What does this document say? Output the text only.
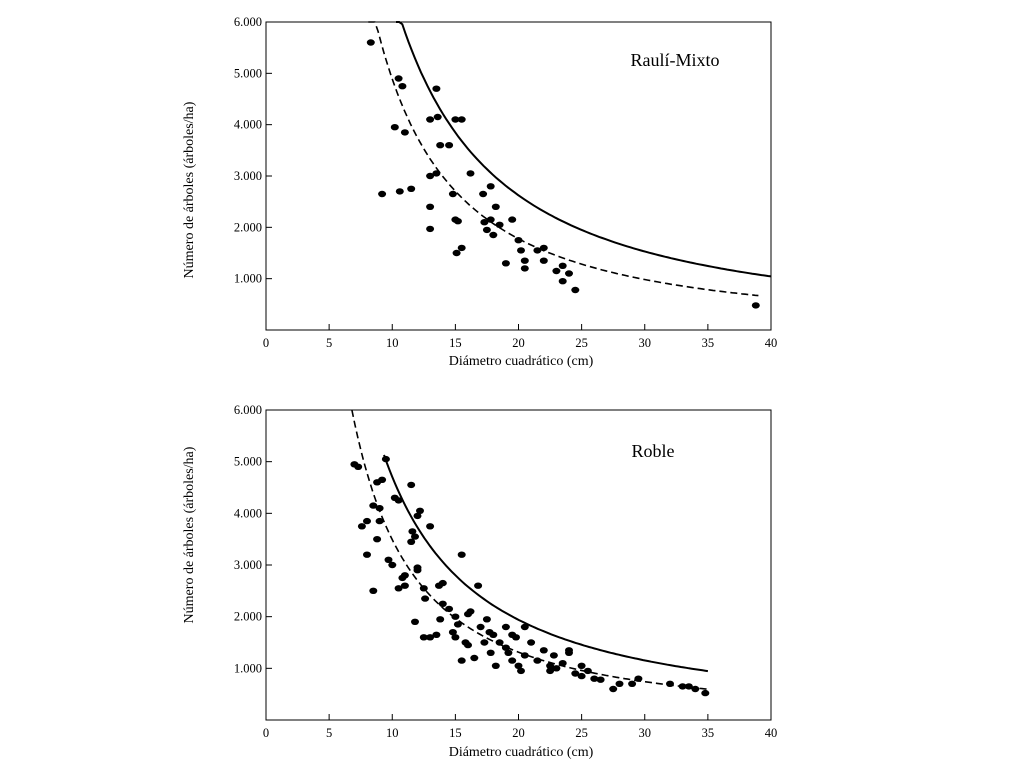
1.000
2.000
3.000
4.000
5.000
6.000
0	5	10	15	20	25	30	35	40
Raulí-Mixto
Diámetro cuadrático (cm)
Número de árboles (árboles/ha)
1.000
2.000
3.000
4.000
5.000
6.000
0	5	10	15	20	25	30	35	40
Roble
Diámetro cuadrático (cm)
Número de árboles (árboles/ha)
